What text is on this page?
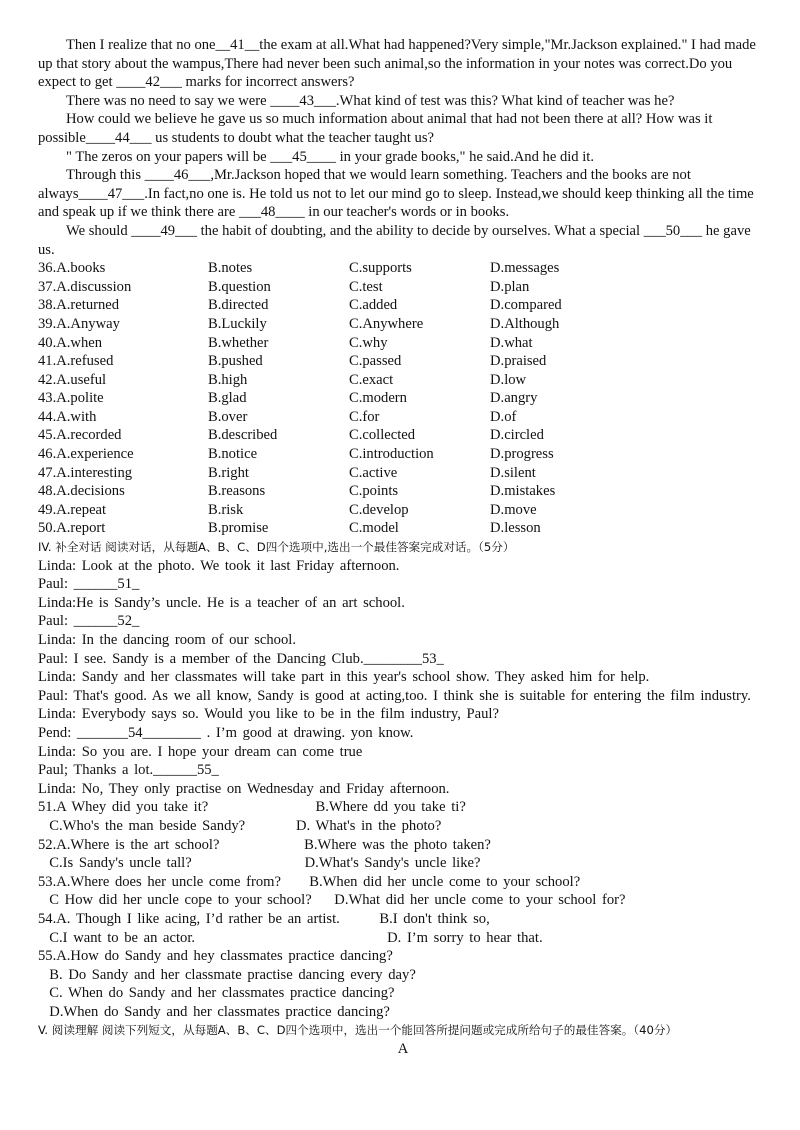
Then I realize that no one__41__the exam at all.What had happened?Very simple,"Mr.Jackson explained." I had made up that story about the wampus,There had never been such animal,so the information in your notes was correct.Do you expect to get ____42___ marks for incorrect answers?

There was no need to say we were ____43___.What kind of test was this? What kind of teacher was he?

How could we believe he gave us so much information about animal that had not been there at all? How was it possible____44___ us students to doubt what the teacher taught us?

" The zeros on your papers will be ___45____ in your grade books," he said.And he did it.

Through this ____46___,Mr.Jackson hoped that we would learn something. Teachers and the books are not always____47___.In fact,no one is. He told us not to let our mind go to sleep. Instead,we should keep thinking all the time and speak up if we think there are ___48____ in our teacher's words or in books.

We should ____49___ the habit of doubting, and the ability to decide by ourselves. What a special ___50___ he gave us.

36.A.books	B.notes	C.supports	D.messages
37.A.discussion	B.question	C.test	D.plan
38.A.returned	B.directed	C.added	D.compared
39.A.Anyway	B.Luckily	C.Anywhere	D.Although
40.A.when	B.whether	C.why	D.what
41.A.refused	B.pushed	C.passed	D.praised
42.A.useful	B.high	C.exact	D.low
43.A.polite	B.glad	C.modern	D.angry
44.A.with	B.over	C.for	D.of
45.A.recorded	B.described	C.collected	D.circled
46.A.experience	B.notice	C.introduction	D.progress
47.A.interesting	B.right	C.active	D.silent
48.A.decisions	B.reasons	C.points	D.mistakes
49.A.repeat	B.risk	C.develop	D.move
50.A.report	B.promise	C.model	D.lesson

IV. 补全对话 阅读对话，从每题A、B、C、D四个选项中,选出一个最佳答案完成对话。（5分）

Linda: Look at the photo. We took it last Friday afternoon.

Paul: ______51_

Linda:He is Sandy’s uncle. He is a teacher of an art school.

Paul: ______52_

Linda: In the dancing room of our school.

Paul: I see. Sandy is a member of the Dancing Club.________53_

Linda: Sandy and her classmates will take part in this year's school show. They asked him for help.

Paul: That's good. As we all know, Sandy is good at acting,too. I think she is suitable for entering the film industry.

Linda: Everybody says so. Would you like to be in the film industry, Paul?

Pend: _______54________ . I’m good at drawing. yon know.

Linda: So you are. I hope your dream can come true

Paul; Thanks a lot.______55_

Linda: No, They only practise on Wednesday and Friday afternoon.

51.A Whey did you take it?                   B.Where dd you take ti?

C.Who's the man beside Sandy?         D. What's in the photo?

52.A.Where is the art school?               B.Where was the photo taken?

C.Is Sandy's uncle tall?                    D.What's Sandy's uncle like?

53.A.Where does her uncle come from?     B.When did her uncle come to your school?

C How did her uncle cope to your school?    D.What did her uncle come to your school for?

54.A. Though I like acing, I’d rather be an artist.       B.I don't think so,

C.I want to be an actor.                                  D. I’m sorry to hear that.

55.A.How do Sandy and hey classmates practice dancing?

B. Do Sandy and her classmate practise dancing every day?

C. When do Sandy and her classmates practice dancing?

D.When do Sandy and her classmates practice dancing?

V. 阅读理解 阅读下列短文，从每题A、B、C、D四个选项中，选出一个能回答所提问题或完成所给句子的最佳答案。（40分）

A
